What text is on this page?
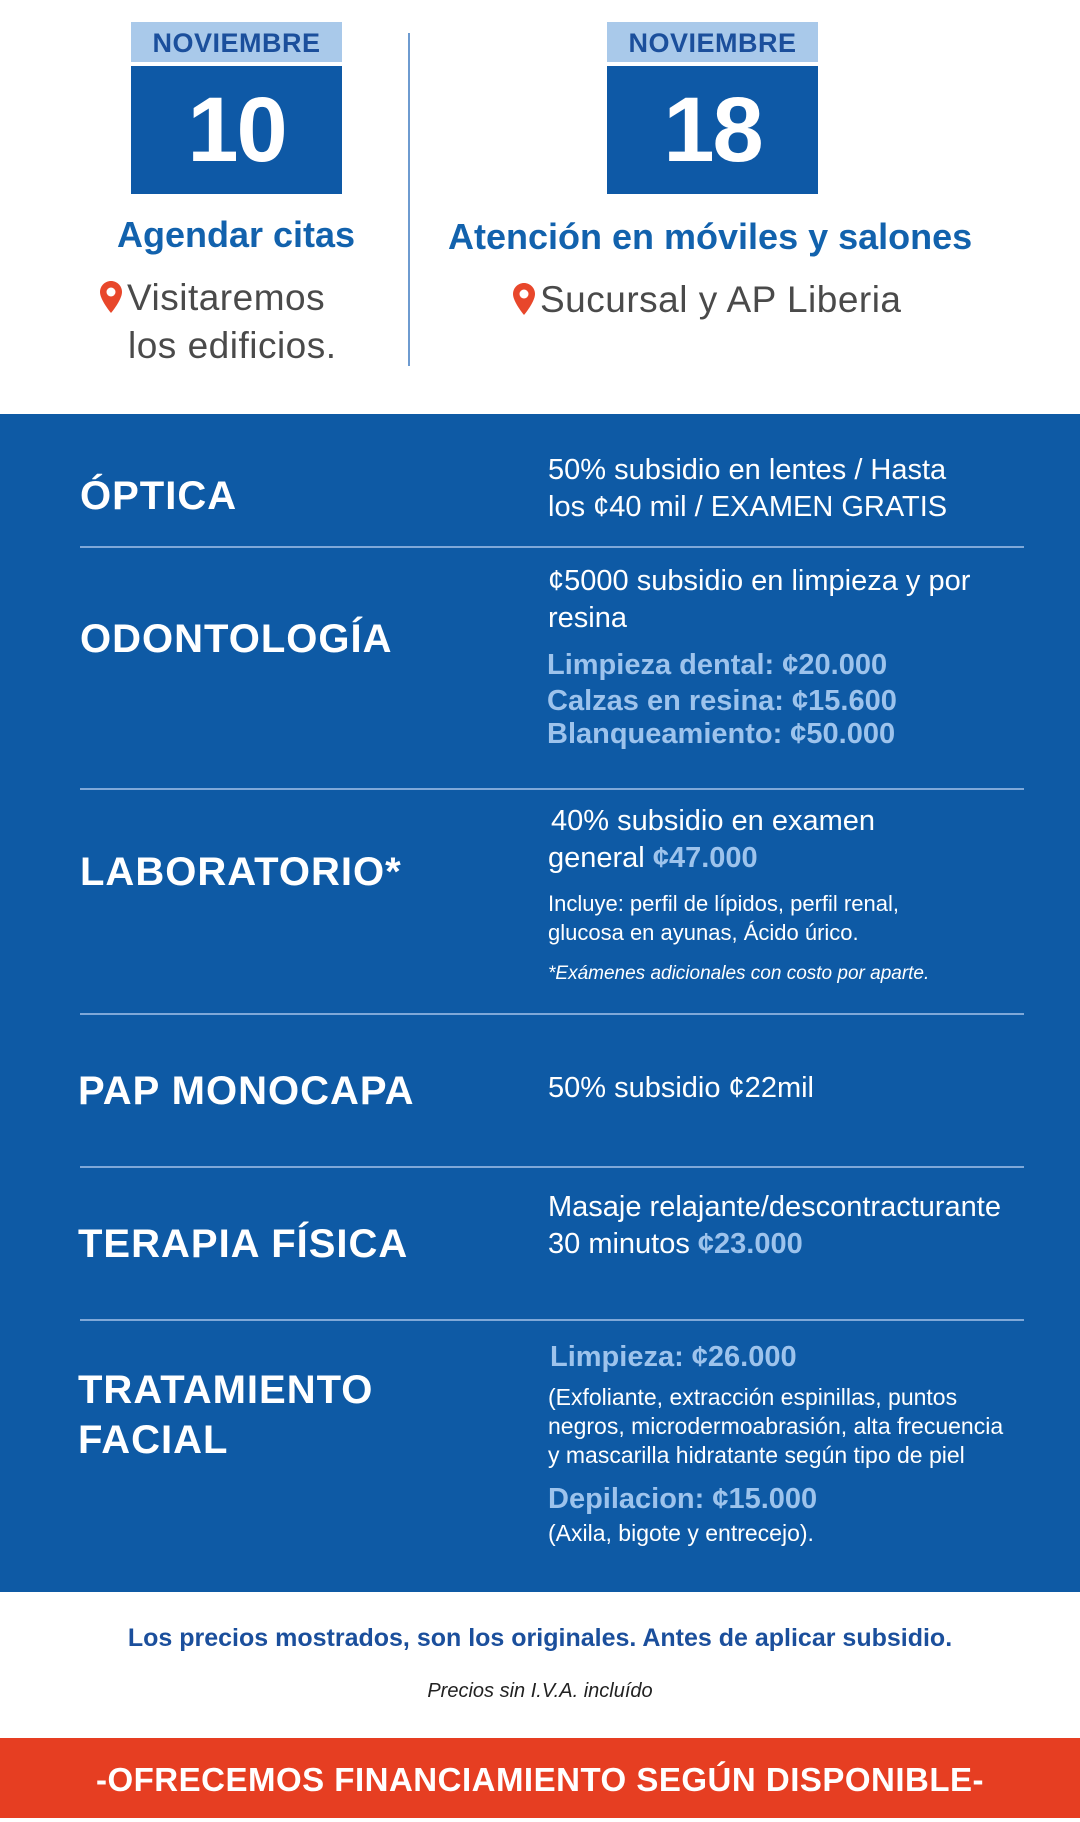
NOVIEMBRE
10
Agendar citas
Visitaremos
los edificios.
NOVIEMBRE
18
Atención en móviles y salones
Sucursal y AP Liberia
ÓPTICA
50% subsidio en lentes / Hasta
los ¢40 mil / EXAMEN GRATIS
ODONTOLOGÍA
¢5000 subsidio en limpieza y por
resina
Limpieza dental: ¢20.000
Calzas en resina: ¢15.600
Blanqueamiento: ¢50.000
LABORATORIO*
40% subsidio en examen
general ¢47.000
Incluye: perfil de lípidos, perfil renal,
glucosa en ayunas, Ácido úrico.
*Exámenes adicionales con costo por aparte.
PAP MONOCAPA	50% subsidio ¢22mil
TERAPIA FÍSICA
Masaje relajante/descontracturante
30 minutos ¢23.000
TRATAMIENTO
FACIAL
Limpieza: ¢26.000
(Exfoliante, extracción espinillas, puntos
negros, microdermoabrasión, alta frecuencia
y mascarilla hidratante según tipo de piel
Depilacion: ¢15.000
(Axila, bigote y entrecejo).
Los precios mostrados, son los originales. Antes de aplicar subsidio.
Precios sin I.V.A. incluído
-OFRECEMOS FINANCIAMIENTO SEGÚN DISPONIBLE-
